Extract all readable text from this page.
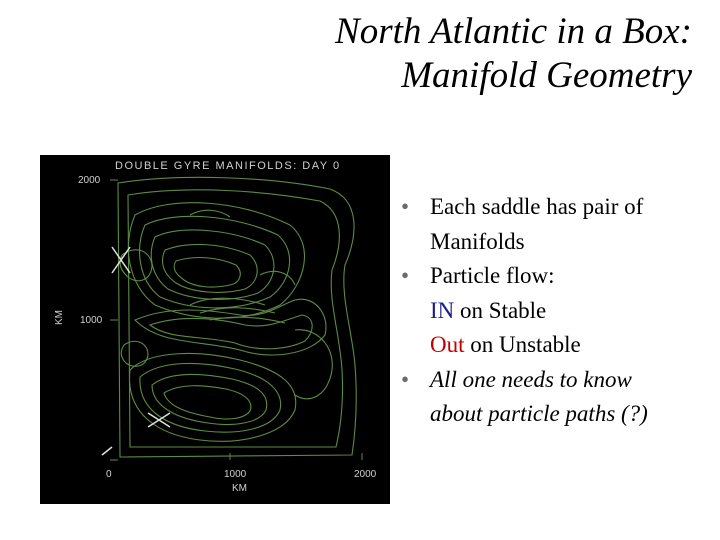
North Atlantic in a Box:
Manifold Geometry
DOUBLE GYRE MANIFOLDS: DAY 0
2000
1000
KM
0	1000	2000
KM
• Each saddle has pair of
Manifolds
• Particle flow:
IN on Stable
Out on Unstable
• All one needs to know
about particle paths (?)
